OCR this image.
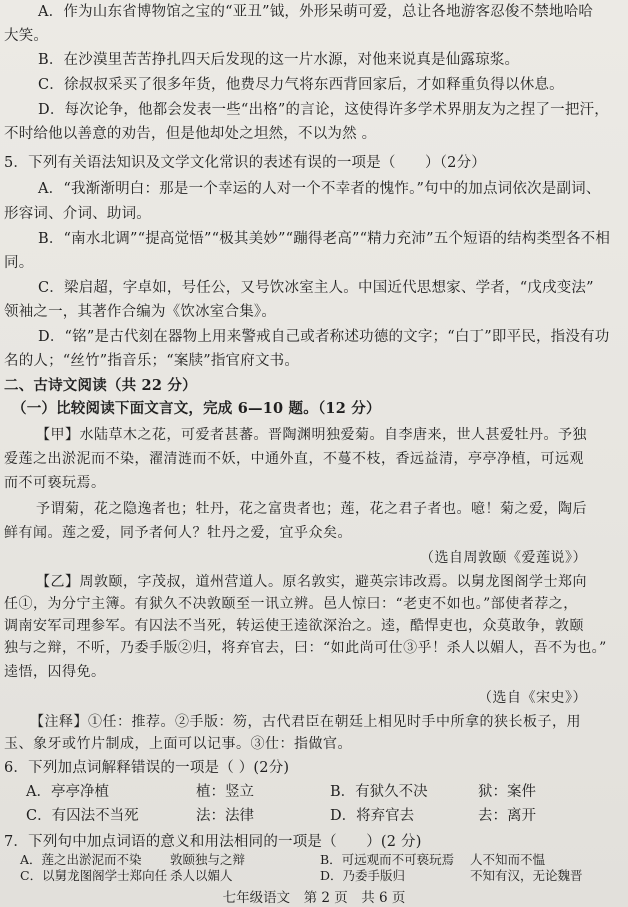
A．作为山东省博物馆之宝的“亚丑”钺，外形呆萌可爱，总让各地游客忍俊不禁地哈哈
大笑。
B．在沙漠里苦苦挣扎四天后发现的这一片水源，对他来说真是仙露琼浆。
C．徐叔叔采买了很多年货，他费尽力气将东西背回家后，才如释重负得以休息。
D．每次论争，他都会发表一些“出格”的言论，这使得许多学术界朋友为之捏了一把汗，
不时给他以善意的劝告，但是他却处之坦然，不以为然 。
5．下列有关语法知识及文学文化常识的表述有误的一项是（　　）（2分）
A．“我渐渐明白：那是一个幸运的人对一个不幸者的愧怍。”句中的加点词依次是副词、
形容词、介词、助词。
B．“南水北调”“提高觉悟”“极其美妙”“蹦得老高”“精力充沛”五个短语的结构类型各不相
同。
C．梁启超，字卓如，号任公，又号饮冰室主人。中国近代思想家、学者，“戊戌变法”
领袖之一，其著作合编为《饮冰室合集》。
D．“铭”是古代刻在器物上用来警戒自己或者称述功德的文字；“白丁”即平民，指没有功
名的人；“丝竹”指音乐；“案牍”指官府文书。
二、古诗文阅读（共 22 分）
（一）比较阅读下面文言文，完成 6—10 题。（12 分）
【甲】水陆草木之花，可爱者甚蕃。晋陶渊明独爱菊。自李唐来，世人甚爱牡丹。予独
爱莲之出淤泥而不染，濯清涟而不妖，中通外直，不蔓不枝，香远益清，亭亭净植，可远观
而不可亵玩焉。
予谓菊，花之隐逸者也；牡丹，花之富贵者也；莲，花之君子者也。噫！菊之爱，陶后
鲜有闻。莲之爱，同予者何人？牡丹之爱，宜乎众矣。
（选自周敦颐《爱莲说》）
【乙】周敦颐，字茂叔，道州营道人。原名敦实，避英宗讳改焉。以舅龙图阁学士郑向
任①，为分宁主簿。有狱久不决敦颐至一讯立辨。邑人惊曰：“老吏不如也。”部使者荐之，
调南安军司理参军。有囚法不当死，转运使王逵欲深治之。逵，酷悍吏也，众莫敢争，敦颐
独与之辩，不听，乃委手版②归，将弃官去，曰：“如此尚可仕③乎！杀人以媚人，吾不为也。”
逵悟，囚得免。
（选自《宋史》）
【注释】①任：推荐。②手版：笏，古代君臣在朝廷上相见时手中所拿的狭长板子，用
玉、象牙或竹片制成，上面可以记事。③仕：指做官。
6．下列加点词解释错误的一项是（ ）(2分)
7．下列句中加点词语的意义和用法相同的一项是（　　）(2 分)
A．亭亭净植	植：竖立	B．有狱久不决	狱：案件
C．有囚法不当死	法：法律	D．将弃官去	去：离开
A．莲之出淤泥而不染 敦颐独与之辩	B．可远观而不可亵玩焉 人不知而不愠
C．以舅龙图阁学士郑向任 杀人以媚人	D．乃委手版归	不知有汉，无论魏晋
七年级语文　第 2 页　共 6 页
